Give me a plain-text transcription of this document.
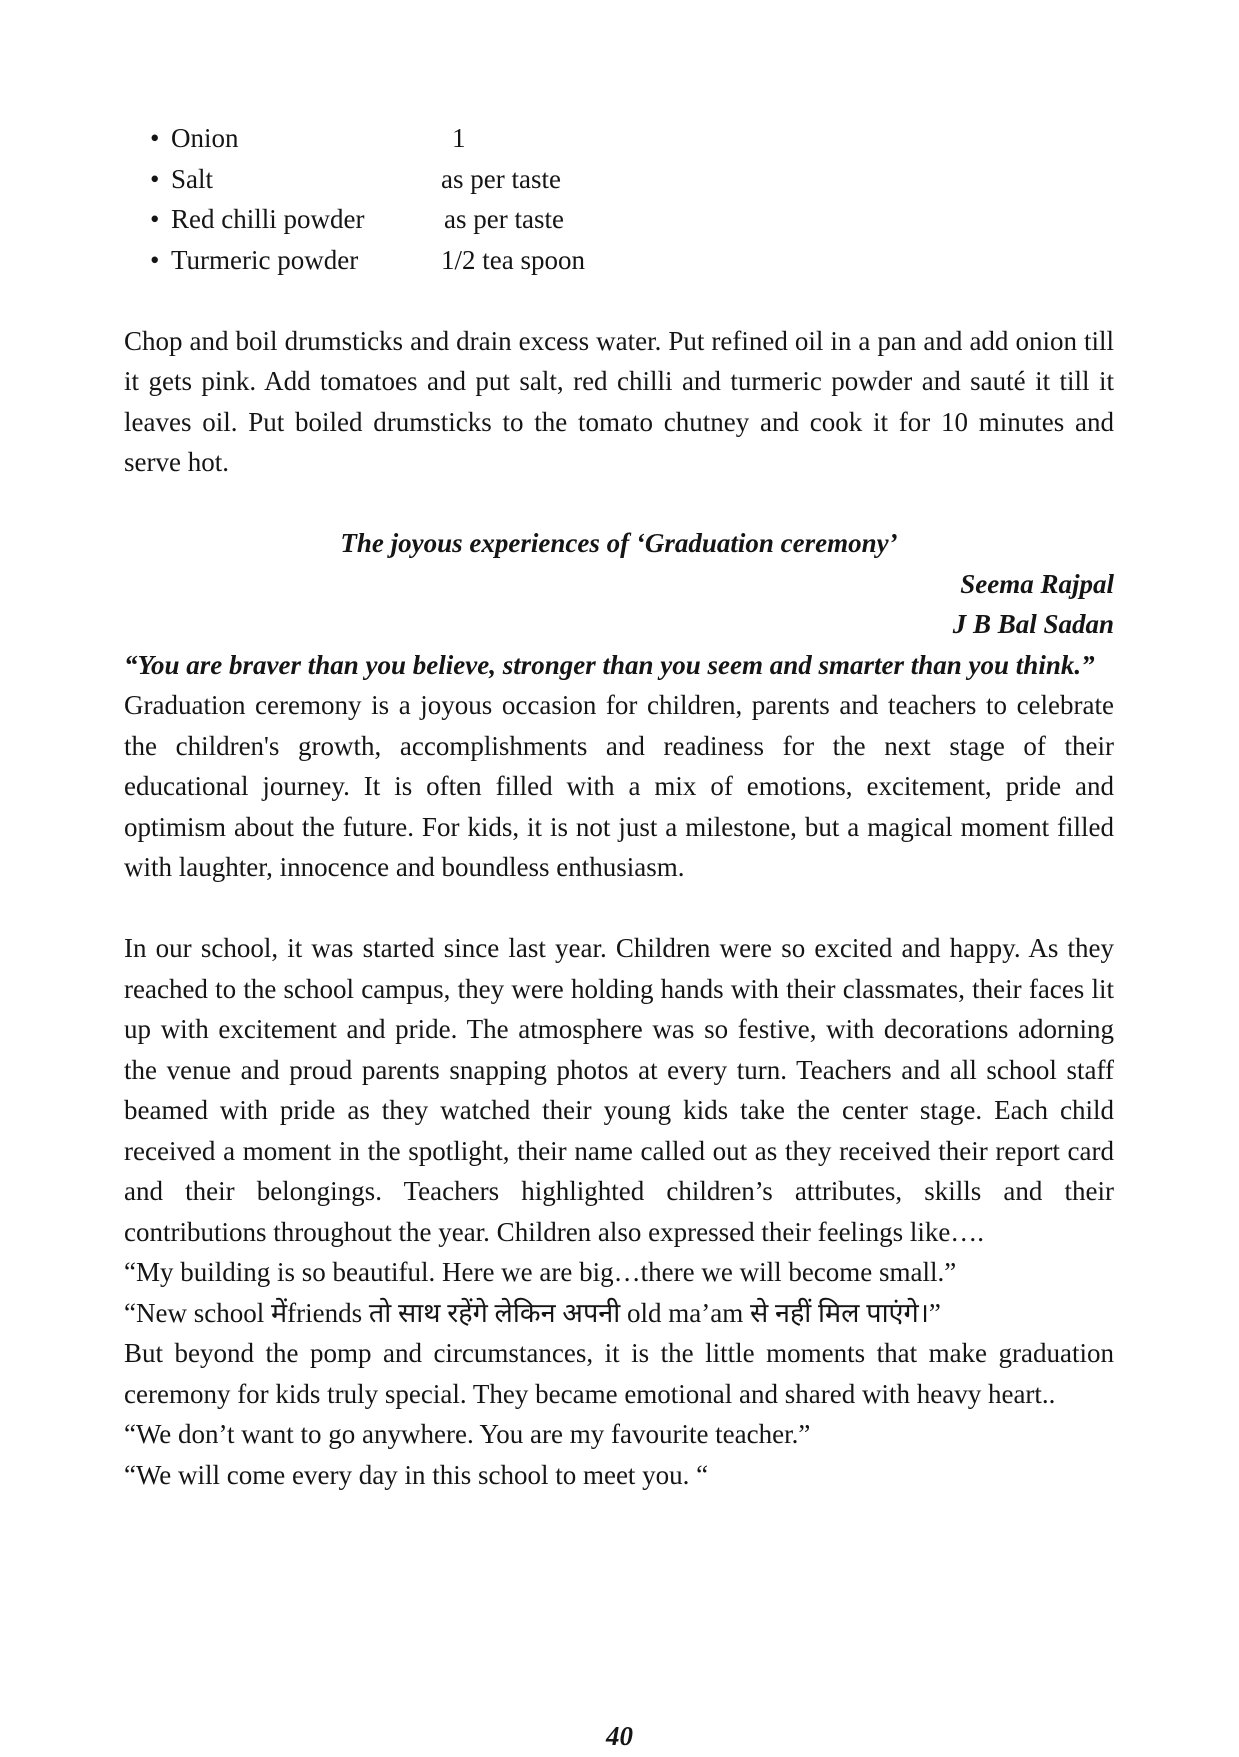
• Onion	1
• Salt	as per taste
• Red chilli powder	as per taste
• Turmeric powder	1/2 tea spoon

Chop and boil drumsticks and drain excess water. Put refined oil in a pan and add onion till it gets pink. Add tomatoes and put salt, red chilli and turmeric powder and sauté it till it leaves oil. Put boiled drumsticks to the tomato chutney and cook it for 10 minutes and serve hot.

The joyous experiences of ‘Graduation ceremony’
Seema Rajpal
J B Bal Sadan
“You are braver than you believe, stronger than you seem and smarter than you think.”

Graduation ceremony is a joyous occasion for children, parents and teachers to celebrate the children's growth, accomplishments and readiness for the next stage of their educational journey. It is often filled with a mix of emotions, excitement, pride and optimism about the future. For kids, it is not just a milestone, but a magical moment filled with laughter, innocence and boundless enthusiasm.

In our school, it was started since last year. Children were so excited and happy. As they reached to the school campus, they were holding hands with their classmates, their faces lit up with excitement and pride. The atmosphere was so festive, with decorations adorning the venue and proud parents snapping photos at every turn. Teachers and all school staff beamed with pride as they watched their young kids take the center stage. Each child received a moment in the spotlight, their name called out as they received their report card and their belongings. Teachers highlighted children’s attributes, skills and their contributions throughout the year. Children also expressed their feelings like….

“My building is so beautiful. Here we are big…there we will become small.”
“New school मेंfriends तो साथ रहेंगे लेकिन अपनी old ma’am से नहीं मिल पाएंगे।”

But beyond the pomp and circumstances, it is the little moments that make graduation ceremony for kids truly special. They became emotional and shared with heavy heart..

“We don’t want to go anywhere. You are my favourite teacher.”
“We will come every day in this school to meet you. “
40
